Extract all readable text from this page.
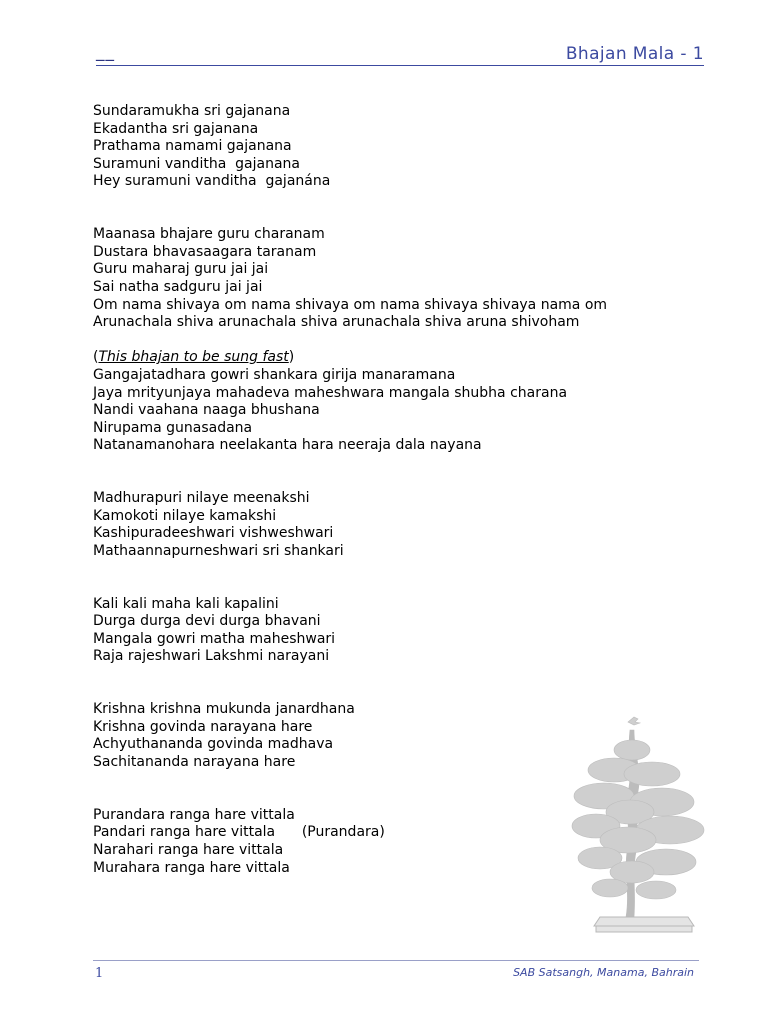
__	Bhajan Mala - 1
Sundaramukha sri gajanana
Ekadantha sri gajanana
Prathama namami gajanana
Suramuni vanditha  gajanana
Hey suramuni vanditha  gajanána
Maanasa bhajare guru charanam
Dustara bhavasaagara taranam
Guru maharaj guru jai jai
Sai natha sadguru jai jai
Om nama shivaya om nama shivaya om nama shivaya shivaya nama om
Arunachala shiva arunachala shiva arunachala shiva aruna shivoham
(This bhajan to be sung fast)
Gangajatadhara gowri shankara girija manaramana
Jaya mrityunjaya mahadeva maheshwara mangala shubha charana
Nandi vaahana naaga bhushana
Nirupama gunasadana
Natanamanohara neelakanta hara neeraja dala nayana
Madhurapuri nilaye meenakshi
Kamokoti nilaye kamakshi
Kashipuradeeshwari vishweshwari
Mathaannapurneshwari sri shankari
Kali kali maha kali kapalini
Durga durga devi durga bhavani
Mangala gowri matha maheshwari
Raja rajeshwari Lakshmi narayani
Krishna krishna mukunda janardhana
Krishna govinda narayana hare
Achyuthananda govinda madhava
Sachitananda narayana hare
Purandara ranga hare vittala
Pandari ranga hare vittala      (Purandara)
Narahari ranga hare vittala
Murahara ranga hare vittala
1	SAB Satsangh, Manama, Bahrain
